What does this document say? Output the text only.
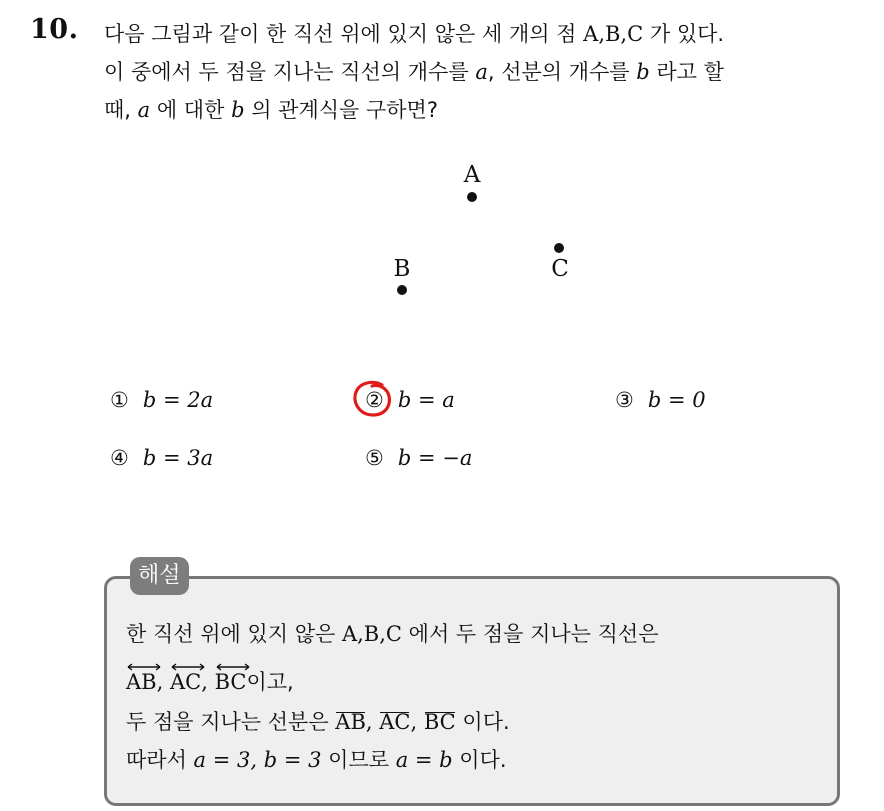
10. 다음 그림과 같이 한 직선 위에 있지 않은 세 개의 점 A,B,C 가 있다.
이 중에서 두 점을 지나는 직선의 개수를 a, 선분의 개수를 b 라고 할
때, a 에 대한 b 의 관계식을 구하면?
A
B	C
① b = 2a	② b = a	③ b = 0
④ b = 3a	⑤ b = −a
해설
한 직선 위에 있지 않은 A,B,C 에서 두 점을 지나는 직선은
AB,
AC,
BC이고,
두 점을 지나는 선분은 AB, AC, BC 이다.
따라서 a = 3, b = 3 이므로 a = b 이다.
